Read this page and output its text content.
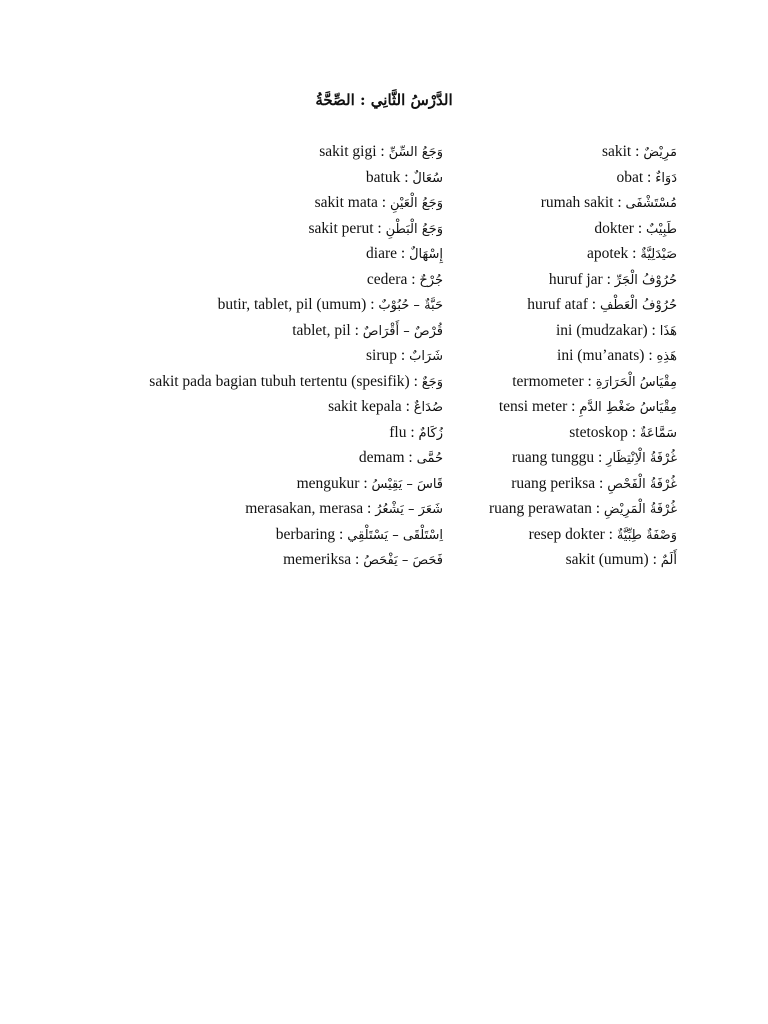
الدَّرْسُ الثَّانِي : الصِّحَّةُ
sakit gigi : وَجَعُ السِّنِّ
batuk : سُعَالٌ
sakit mata : وَجَعُ الْعَيْنِ
sakit perut : وَجَعُ الْبَطْنِ
diare : إِسْهَالٌ
cedera : جُرْحٌ
butir, tablet, pil (umum) : حَبَّةٌ – حُبُوْبٌ
tablet, pil : قُرْصٌ – أَقْرَاصٌ
sirup : شَرَابٌ
sakit pada bagian tubuh tertentu (spesifik) : وَجَعٌ
sakit kepala : صُدَاعٌ
flu : زُكَامٌ
demam : حُمَّى
mengukur : قَاسَ – يَقِيْسُ
merasakan, merasa : شَعَرَ – يَشْعُرُ
berbaring : اِسْتَلْقَى – يَسْتَلْقِي
memeriksa : فَحَصَ – يَفْحَصُ
sakit : مَرِيْضٌ
obat : دَوَاءٌ
rumah sakit : مُسْتَشْفَى
dokter : طَبِيْبٌ
apotek : صَيْدَلِيَّةٌ
huruf jar : حُرُوْفُ الْجَرِّ
huruf ataf : حُرُوْفُ الْعَطْفِ
ini (mudzakar) : هَذَا
ini (mu’anats) : هَذِهِ
termometer : مِقْيَاسُ الْحَرَارَةِ
tensi meter : مِقْيَاسُ ضَغْطِ الدَّمِ
stetoskop : سَمَّاعَةٌ
ruang tunggu : غُرْفَةُ الْاِنْتِظَارِ
ruang periksa : غُرْفَةُ الْفَحْصِ
ruang perawatan : غُرْفَةُ الْمَرِيْضِ
resep dokter : وَصْفَةٌ طِبِّيَّةٌ
sakit (umum) : أَلَمٌ
